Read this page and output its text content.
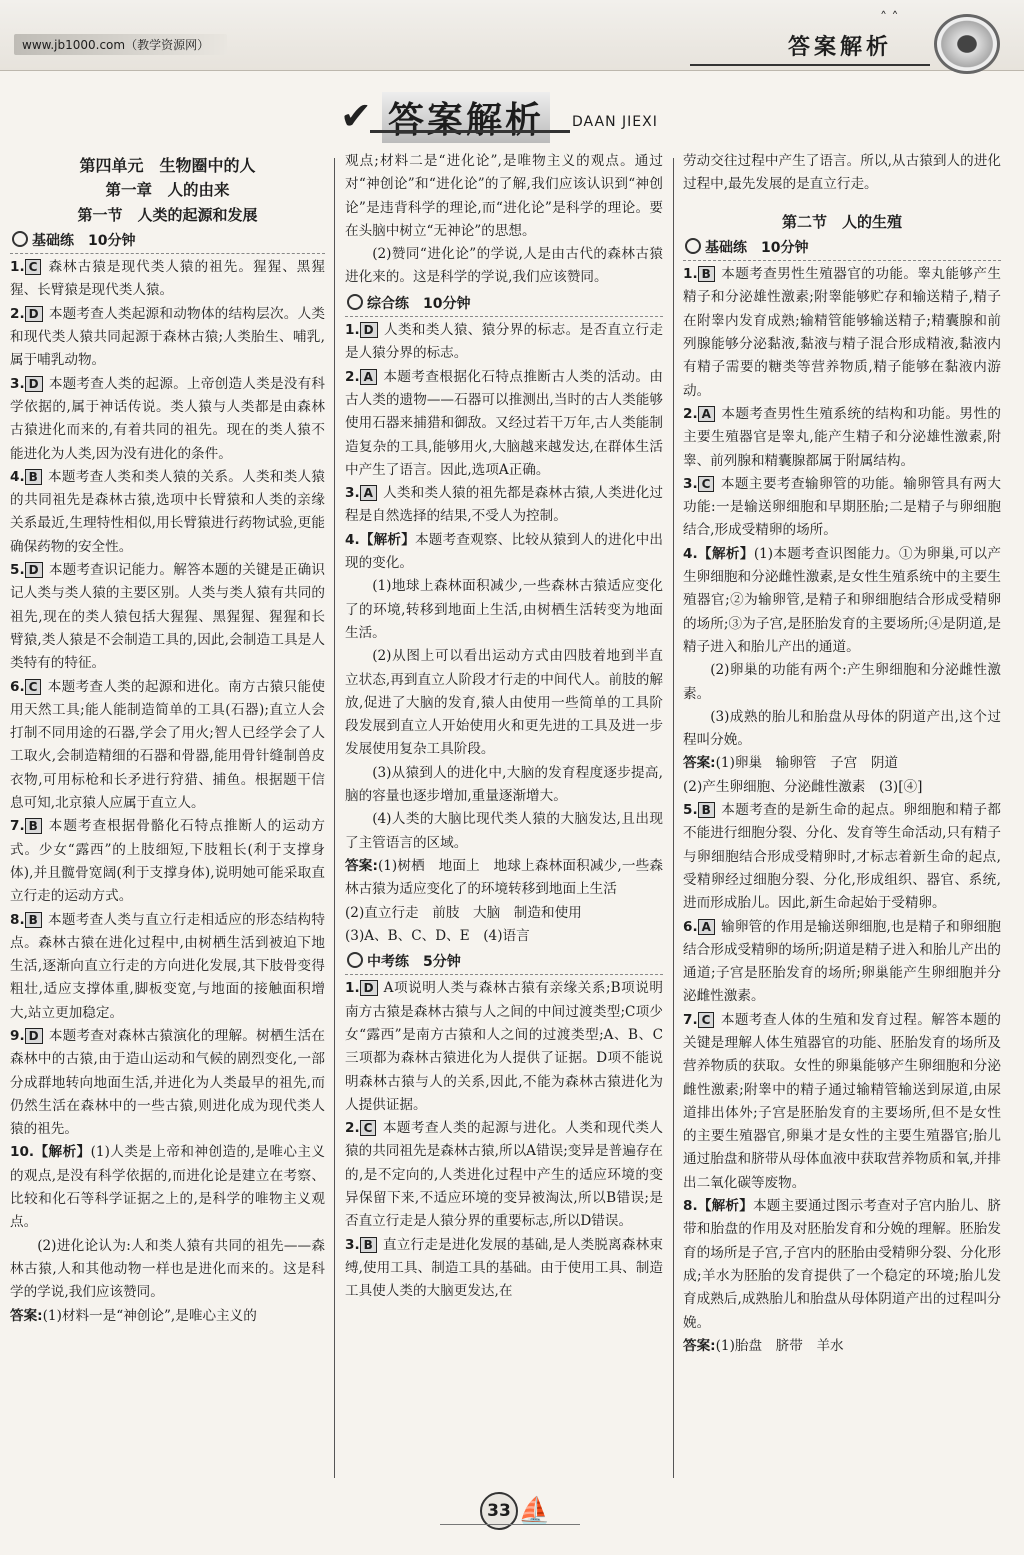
www.jb1000.com（教学资源网）
˄ ˄
答案解析
✔ 答案解析	DAAN JIEXI
第四单元　生物圈中的人
第一章　人的由来
第一节　人类的起源和发展
基础练　10分钟

1. C 森林古猿是现代类人猿的祖先。猩猩、黑猩猩、长臂猿是现代类人猿。

2. D 本题考查人类起源和动物体的结构层次。人类和现代类人猿共同起源于森林古猿;人类胎生、哺乳,属于哺乳动物。

3. D 本题考查人类的起源。上帝创造人类是没有科学依据的,属于神话传说。类人猿与人类都是由森林古猿进化而来的,有着共同的祖先。现在的类人猿不能进化为人类,因为没有进化的条件。

4. B 本题考查人类和类人猿的关系。人类和类人猿的共同祖先是森林古猿,选项中长臂猿和人类的亲缘关系最近,生理特性相似,用长臂猿进行药物试验,更能确保药物的安全性。

5. D 本题考查识记能力。解答本题的关键是正确识记人类与类人猿的主要区别。人类与类人猿有共同的祖先,现在的类人猿包括大猩猩、黑猩猩、猩猩和长臂猿,类人猿是不会制造工具的,因此,会制造工具是人类特有的特征。

6. C 本题考查人类的起源和进化。南方古猿只能使用天然工具;能人能制造简单的工具(石器);直立人会打制不同用途的石器,学会了用火;智人已经学会了人工取火,会制造精细的石器和骨器,能用骨针缝制兽皮衣物,可用标枪和长矛进行狩猎、捕鱼。根据题干信息可知,北京猿人应属于直立人。

7. B 本题考查根据骨骼化石特点推断人的运动方式。少女“露西”的上肢细短,下肢粗长(利于支撑身体),并且髋骨宽阔(利于支撑身体),说明她可能采取直立行走的运动方式。

8. B 本题考查人类与直立行走相适应的形态结构特点。森林古猿在进化过程中,由树栖生活到被迫下地生活,逐渐向直立行走的方向进化发展,其下肢骨变得粗壮,适应支撑体重,脚板变宽,与地面的接触面积增大,站立更加稳定。

9. D 本题考查对森林古猿演化的理解。树栖生活在森林中的古猿,由于造山运动和气候的剧烈变化,一部分成群地转向地面生活,并进化为人类最早的祖先,而仍然生活在森林中的一些古猿,则进化成为现代类人猿的祖先。

10.【解析】(1)人类是上帝和神创造的,是唯心主义的观点,是没有科学依据的,而进化论是建立在考察、比较和化石等科学证据之上的,是科学的唯物主义观点。

(2)进化论认为:人和类人猿有共同的祖先——森林古猿,人和其他动物一样也是进化而来的。这是科学的学说,我们应该赞同。

答案:(1)材料一是“神创论”,是唯心主义的

观点;材料二是“进化论”,是唯物主义的观点。通过对“神创论”和“进化论”的了解,我们应该认识到“神创论”是违背科学的理论,而“进化论”是科学的理论。要在头脑中树立“无神论”的思想。

(2)赞同“进化论”的学说,人是由古代的森林古猿进化来的。这是科学的学说,我们应该赞同。

综合练　10分钟

1. D 人类和类人猿、猿分界的标志。是否直立行走是人猿分界的标志。

2. A 本题考查根据化石特点推断古人类的活动。由古人类的遗物——石器可以推测出,当时的古人类能够使用石器来捕猎和御敌。又经过若干万年,古人类能制造复杂的工具,能够用火,大脑越来越发达,在群体生活中产生了语言。因此,选项A正确。

3. A 人类和类人猿的祖先都是森林古猿,人类进化过程是自然选择的结果,不受人为控制。

4.【解析】本题考查观察、比较从猿到人的进化中出现的变化。

(1)地球上森林面积减少,一些森林古猿适应变化了的环境,转移到地面上生活,由树栖生活转变为地面生活。

(2)从图上可以看出运动方式由四肢着地到半直立状态,再到直立人阶段才行走的中间代人。前肢的解放,促进了大脑的发育,猿人由使用一些简单的工具阶段发展到直立人开始使用火和更先进的工具及进一步发展使用复杂工具阶段。

(3)从猿到人的进化中,大脑的发育程度逐步提高,脑的容量也逐步增加,重量逐渐增大。

(4)人类的大脑比现代类人猿的大脑发达,且出现了主管语言的区域。

答案:(1)树栖　地面上　地球上森林面积减少,一些森林古猿为适应变化了的环境转移到地面上生活

(2)直立行走　前肢　大脑　制造和使用

(3)A、B、C、D、E　(4)语言

中考练　5分钟

1. D A项说明人类与森林古猿有亲缘关系;B项说明南方古猿是森林古猿与人之间的中间过渡类型;C项少女“露西”是南方古猿和人之间的过渡类型;A、B、C三项都为森林古猿进化为人提供了证据。D项不能说明森林古猿与人的关系,因此,不能为森林古猿进化为人提供证据。

2. C 本题考查人类的起源与进化。人类和现代类人猿的共同祖先是森林古猿,所以A错误;变异是普遍存在的,是不定向的,人类进化过程中产生的适应环境的变异保留下来,不适应环境的变异被淘汰,所以B错误;是否直立行走是人猿分界的重要标志,所以D错误。

3. B 直立行走是进化发展的基础,是人类脱离森林束缚,使用工具、制造工具的基础。由于使用工具、制造工具使人类的大脑更发达,在

劳动交往过程中产生了语言。所以,从古猿到人的进化过程中,最先发展的是直立行走。

第二节　人的生殖
基础练　10分钟

1. B 本题考查男性生殖器官的功能。睾丸能够产生精子和分泌雄性激素;附睾能够贮存和输送精子,精子在附睾内发育成熟;输精管能够输送精子;精囊腺和前列腺能够分泌黏液,黏液与精子混合形成精液,黏液内有精子需要的糖类等营养物质,精子能够在黏液内游动。

2. A 本题考查男性生殖系统的结构和功能。男性的主要生殖器官是睾丸,能产生精子和分泌雄性激素,附睾、前列腺和精囊腺都属于附属结构。

3. C 本题主要考查输卵管的功能。输卵管具有两大功能:一是输送卵细胞和早期胚胎;二是精子与卵细胞结合,形成受精卵的场所。

4.【解析】(1)本题考查识图能力。①为卵巢,可以产生卵细胞和分泌雌性激素,是女性生殖系统中的主要生殖器官;②为输卵管,是精子和卵细胞结合形成受精卵的场所;③为子宫,是胚胎发育的主要场所;④是阴道,是精子进入和胎儿产出的通道。

(2)卵巢的功能有两个:产生卵细胞和分泌雌性激素。

(3)成熟的胎儿和胎盘从母体的阴道产出,这个过程叫分娩。

答案:(1)卵巢　输卵管　子宫　阴道

(2)产生卵细胞、分泌雌性激素　(3)[④]

5. B 本题考查的是新生命的起点。卵细胞和精子都不能进行细胞分裂、分化、发育等生命活动,只有精子与卵细胞结合形成受精卵时,才标志着新生命的起点,受精卵经过细胞分裂、分化,形成组织、器官、系统,进而形成胎儿。因此,新生命起始于受精卵。

6. A 输卵管的作用是输送卵细胞,也是精子和卵细胞结合形成受精卵的场所;阴道是精子进入和胎儿产出的通道;子宫是胚胎发育的场所;卵巢能产生卵细胞并分泌雌性激素。

7. C 本题考查人体的生殖和发育过程。解答本题的关键是理解人体生殖器官的功能、胚胎发育的场所及营养物质的获取。女性的卵巢能够产生卵细胞和分泌雌性激素;附睾中的精子通过输精管输送到尿道,由尿道排出体外;子宫是胚胎发育的主要场所,但不是女性的主要生殖器官,卵巢才是女性的主要生殖器官;胎儿通过胎盘和脐带从母体血液中获取营养物质和氧,并排出二氧化碳等废物。

8.【解析】本题主要通过图示考查对子宫内胎儿、脐带和胎盘的作用及对胚胎发育和分娩的理解。胚胎发育的场所是子宫,子宫内的胚胎由受精卵分裂、分化形成;羊水为胚胎的发育提供了一个稳定的环境;胎儿发育成熟后,成熟胎儿和胎盘从母体阴道产出的过程叫分娩。

答案:(1)胎盘　脐带　羊水

33 ⛵
